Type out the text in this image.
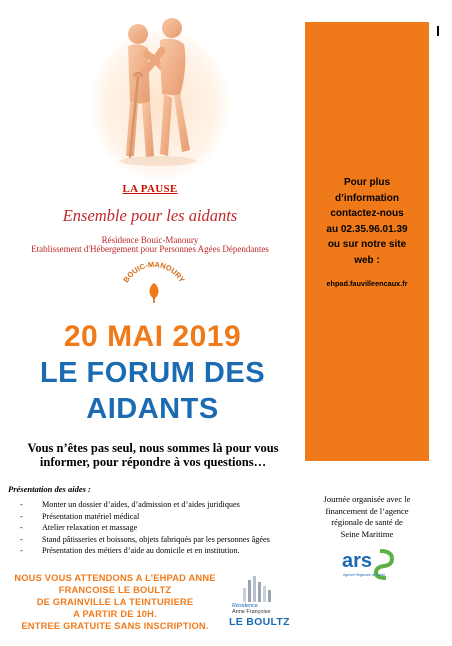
LA PAUSE
Ensemble pour les aidants
Résidence Bouic-Manoury
Etablissement d'Hébergement pour Personnes Agées Dépendantes
BOUIC-MANOURY
20 MAI 2019
LE FORUM DES
AIDANTS
Vous n’êtes pas seul, nous sommes là pour vous
informer, pour répondre à vos questions…
Présentation des aides :
- Monter un dossier d’aides, d’admission et d’aides juridiques
- Présentation matériel médical
- Atelier relaxation et massage
- Stand pâtisseries et boissons, objets fabriqués par les personnes âgées
- Présentation des métiers d’aide au domicile et en institution.
NOUS VOUS ATTENDONS A L’EHPAD ANNE
FRANCOISE LE BOULTZ
DE GRAINVILLE LA TEINTURIERE
A PARTIR DE 10H.
ENTREE GRATUITE SANS INSCRIPTION.
Résidence
Anne Françoise
LE BOULTZ
Pour plus
d’information
contactez-nous
au 02.35.96.01.39
ou sur notre site
web :
ehpad.fauvilleencaux.fr
Journée organisée avec le
financement de l’agence
régionale de santé de
Seine Maritime
ars
Agence Régionale de Santé
